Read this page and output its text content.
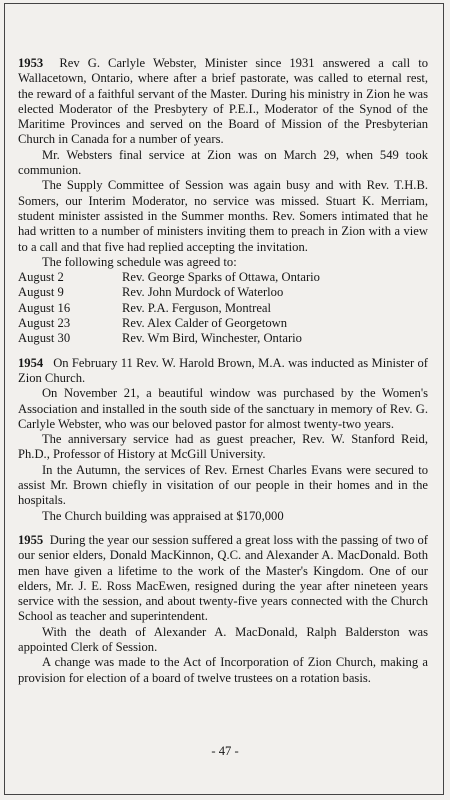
1953 Rev G. Carlyle Webster, Minister since 1931 answered a call to Wallacetown, Ontario, where after a brief pastorate, was called to eternal rest, the reward of a faithful servant of the Master. During his ministry in Zion he was elected Moderator of the Presbytery of P.E.I., Moderator of the Synod of the Maritime Provinces and served on the Board of Mission of the Presbyterian Church in Canada for a number of years.

Mr. Websters final service at Zion was on March 29, when 549 took communion.

The Supply Committee of Session was again busy and with Rev. T.H.B. Somers, our Interim Moderator, no service was missed. Stuart K. Merriam, student minister assisted in the Summer months. Rev. Somers intimated that he had written to a number of ministers inviting them to preach in Zion with a view to a call and that five had replied accepting the invitation.

The following schedule was agreed to:

August 2	Rev. George Sparks of Ottawa, Ontario
August 9	Rev. John Murdock of Waterloo
August 16	Rev. P.A. Ferguson, Montreal
August 23	Rev. Alex Calder of Georgetown
August 30	Rev. Wm Bird, Winchester, Ontario

1954 On February 11 Rev. W. Harold Brown, M.A. was inducted as Minister of Zion Church.

On November 21, a beautiful window was purchased by the Women's Association and installed in the south side of the sanctuary in memory of Rev. G. Carlyle Webster, who was our beloved pastor for almost twenty-two years.

The anniversary service had as guest preacher, Rev. W. Stanford Reid, Ph.D., Professor of History at McGill University.

In the Autumn, the services of Rev. Ernest Charles Evans were secured to assist Mr. Brown chiefly in visitation of our people in their homes and in the hospitals.

The Church building was appraised at $170,000

1955 During the year our session suffered a great loss with the passing of two of our senior elders, Donald MacKinnon, Q.C. and Alexander A. MacDonald. Both men have given a lifetime to the work of the Master's Kingdom. One of our elders, Mr. J. E. Ross MacEwen, resigned during the year after nineteen years service with the session, and about twenty-five years connected with the Church School as teacher and superintendent.

With the death of Alexander A. MacDonald, Ralph Balderston was appointed Clerk of Session.

A change was made to the Act of Incorporation of Zion Church, making a provision for election of a board of twelve trustees on a rotation basis.

- 47 -
